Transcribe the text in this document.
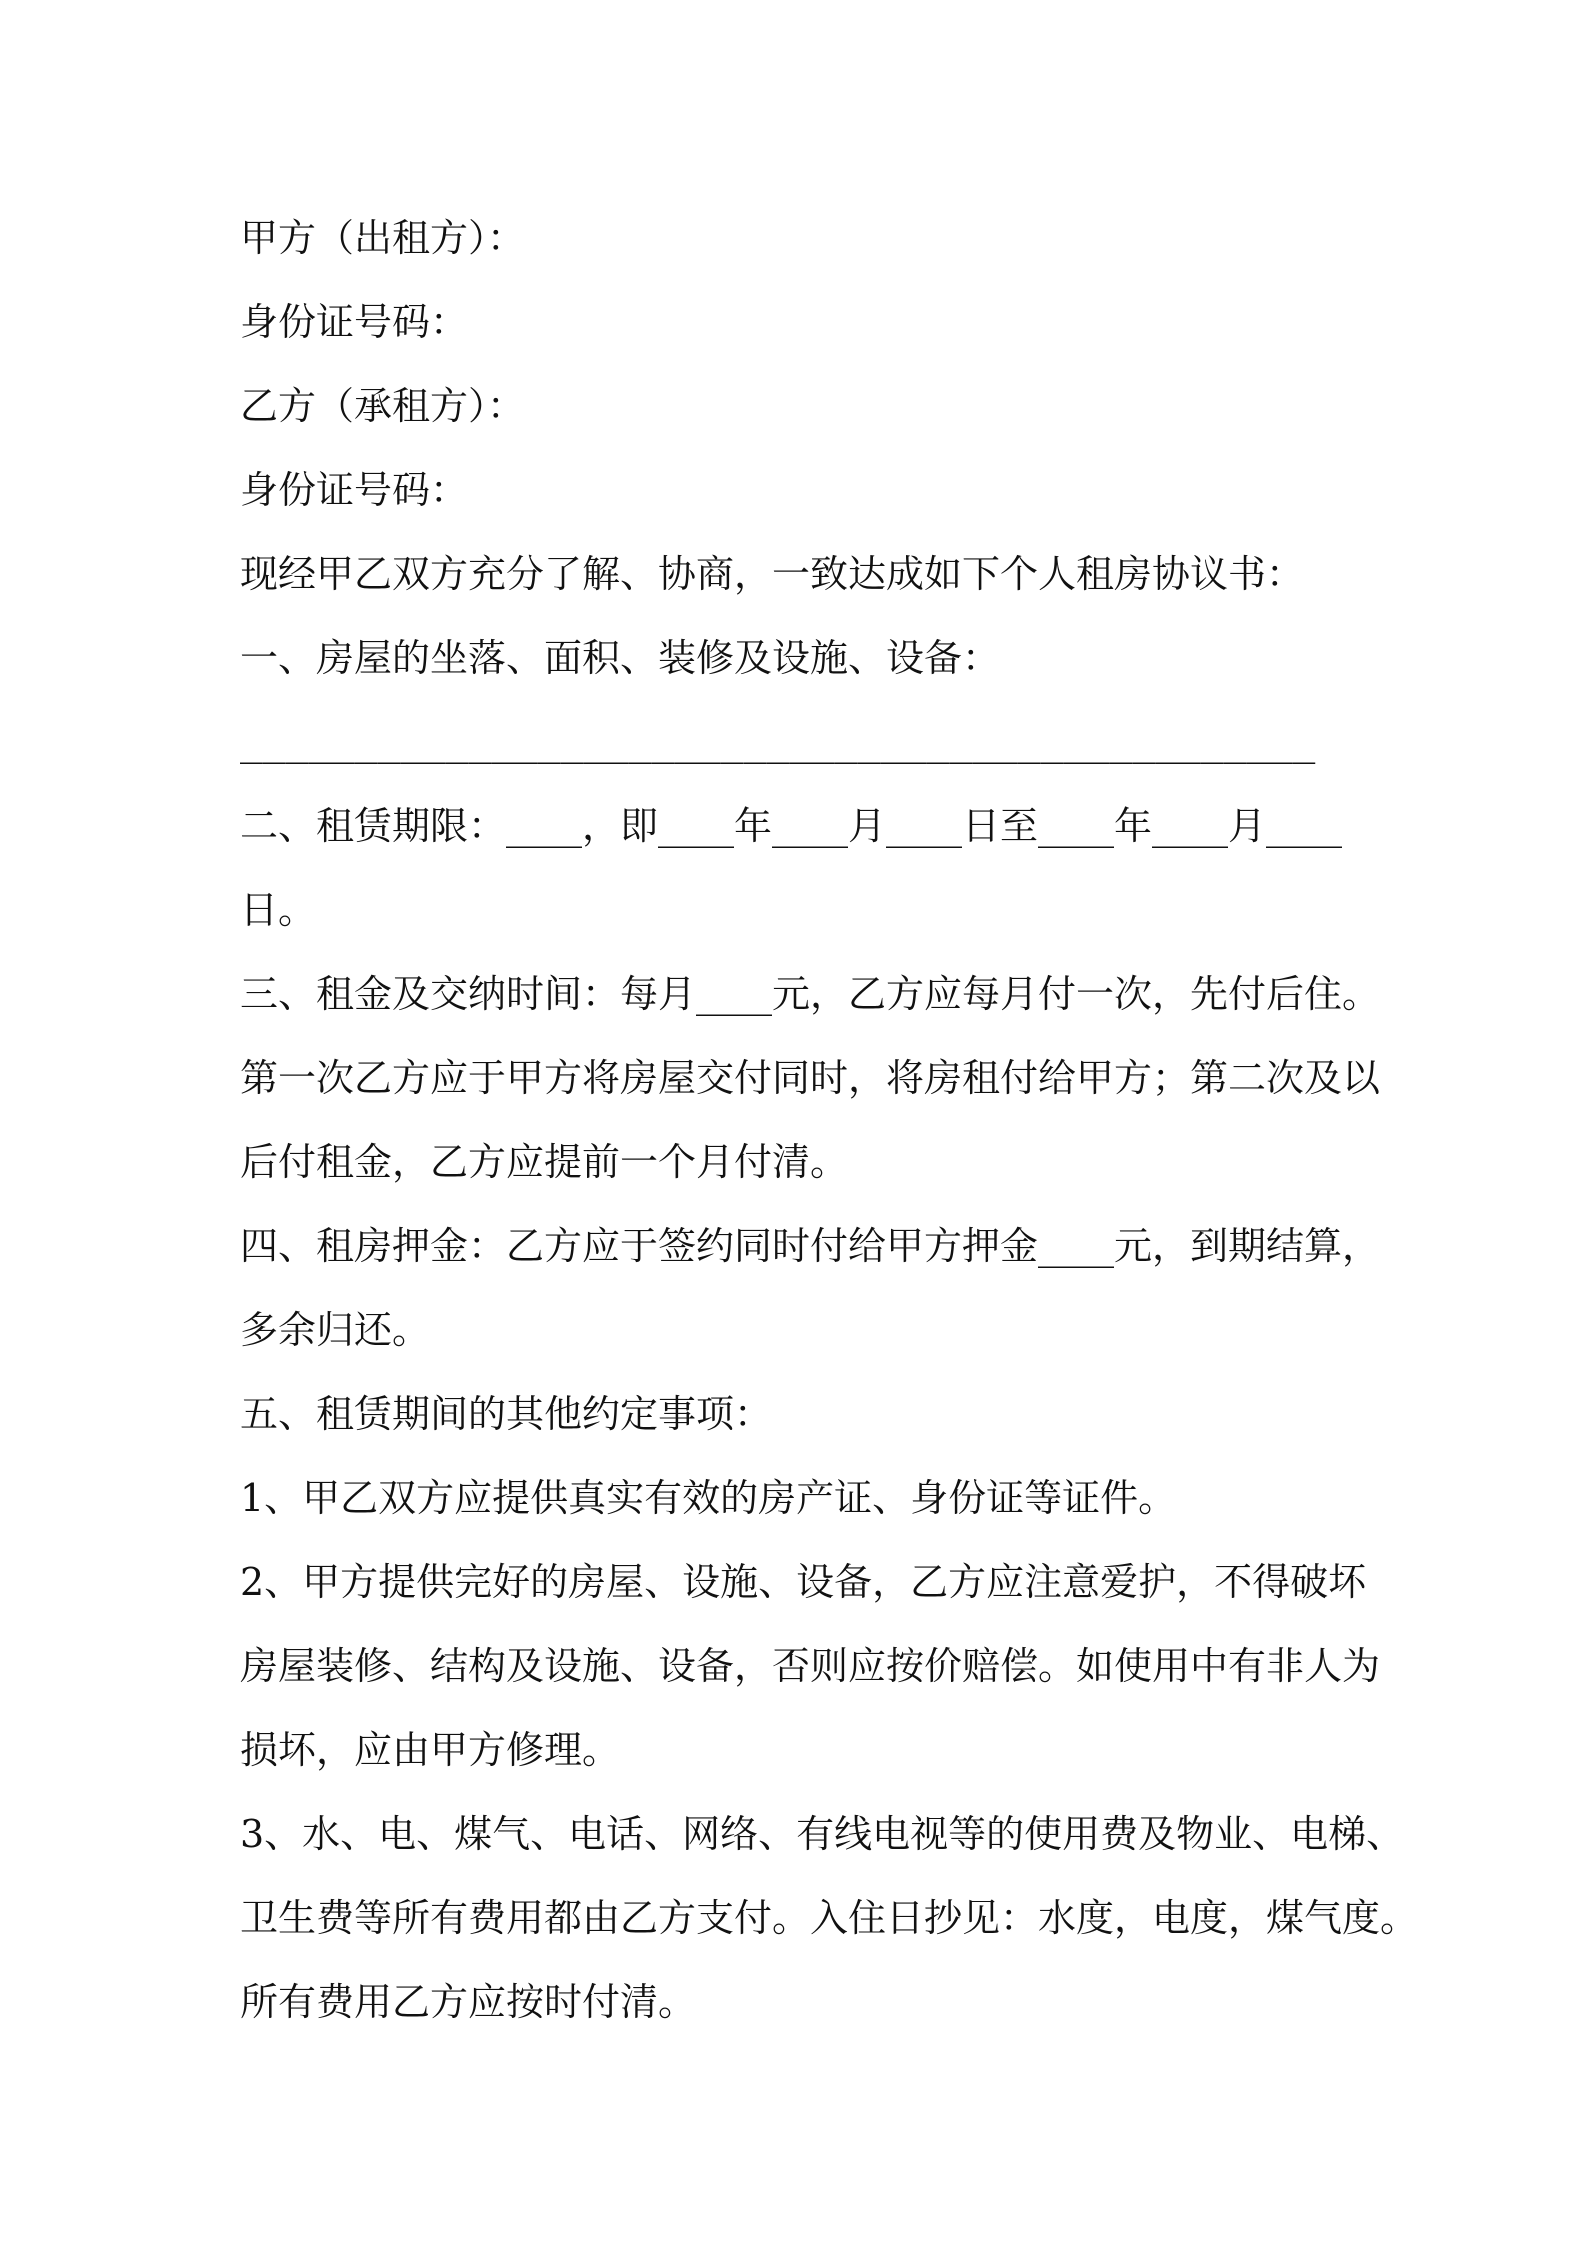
甲方（出租方）：
身份证号码：
乙方（承租方）：
身份证号码：
现经甲乙双方充分了解、协商，一致达成如下个人租房协议书：
一、房屋的坐落、面积、装修及设施、设备：
_______________________________________________
二、租赁期限：____，即____年____月____日至____年____月____
日。
三、租金及交纳时间：每月____元，乙方应每月付一次，先付后住。
第一次乙方应于甲方将房屋交付同时，将房租付给甲方；第二次及以
后付租金，乙方应提前一个月付清。
四、租房押金：乙方应于签约同时付给甲方押金____元，到期结算，
多余归还。
五、租赁期间的其他约定事项：
1、甲乙双方应提供真实有效的房产证、身份证等证件。
2、甲方提供完好的房屋、设施、设备，乙方应注意爱护，不得破坏
房屋装修、结构及设施、设备，否则应按价赔偿。如使用中有非人为
损坏，应由甲方修理。
3、水、电、煤气、电话、网络、有线电视等的使用费及物业、电梯、
卫生费等所有费用都由乙方支付。入住日抄见：水度，电度，煤气度。
所有费用乙方应按时付清。
